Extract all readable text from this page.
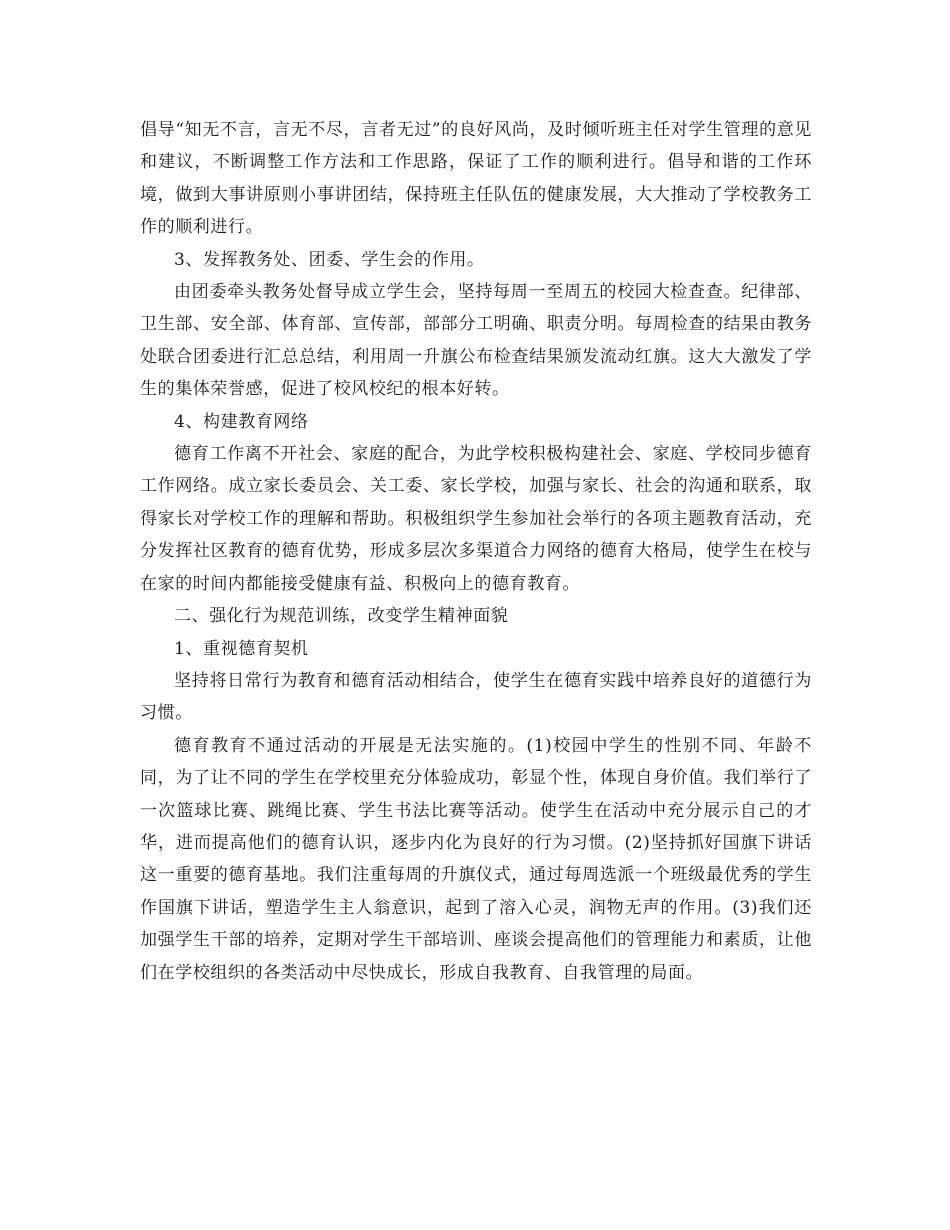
倡导“知无不言，言无不尽，言者无过”的良好风尚，及时倾听班主任对学生管理的意见和建议，不断调整工作方法和工作思路，保证了工作的顺利进行。倡导和谐的工作环境，做到大事讲原则小事讲团结，保持班主任队伍的健康发展，大大推动了学校教务工作的顺利进行。

3、发挥教务处、团委、学生会的作用。

由团委牵头教务处督导成立学生会，坚持每周一至周五的校园大检查查。纪律部、卫生部、安全部、体育部、宣传部，部部分工明确、职责分明。每周检查的结果由教务处联合团委进行汇总总结，利用周一升旗公布检查结果颁发流动红旗。这大大激发了学生的集体荣誉感，促进了校风校纪的根本好转。

4、构建教育网络

德育工作离不开社会、家庭的配合，为此学校积极构建社会、家庭、学校同步德育工作网络。成立家长委员会、关工委、家长学校，加强与家长、社会的沟通和联系，取得家长对学校工作的理解和帮助。积极组织学生参加社会举行的各项主题教育活动，充分发挥社区教育的德育优势，形成多层次多渠道合力网络的德育大格局，使学生在校与在家的时间内都能接受健康有益、积极向上的德育教育。

二、强化行为规范训练，改变学生精神面貌

1、重视德育契机

坚持将日常行为教育和德育活动相结合，使学生在德育实践中培养良好的道德行为习惯。

德育教育不通过活动的开展是无法实施的。(1)校园中学生的性别不同、年龄不同，为了让不同的学生在学校里充分体验成功，彰显个性，体现自身价值。我们举行了一次篮球比赛、跳绳比赛、学生书法比赛等活动。使学生在活动中充分展示自己的才华，进而提高他们的德育认识，逐步内化为良好的行为习惯。(2)坚持抓好国旗下讲话这一重要的德育基地。我们注重每周的升旗仪式，通过每周选派一个班级最优秀的学生作国旗下讲话，塑造学生主人翁意识，起到了溶入心灵，润物无声的作用。(3)我们还加强学生干部的培养，定期对学生干部培训、座谈会提高他们的管理能力和素质，让他们在学校组织的各类活动中尽快成长，形成自我教育、自我管理的局面。
